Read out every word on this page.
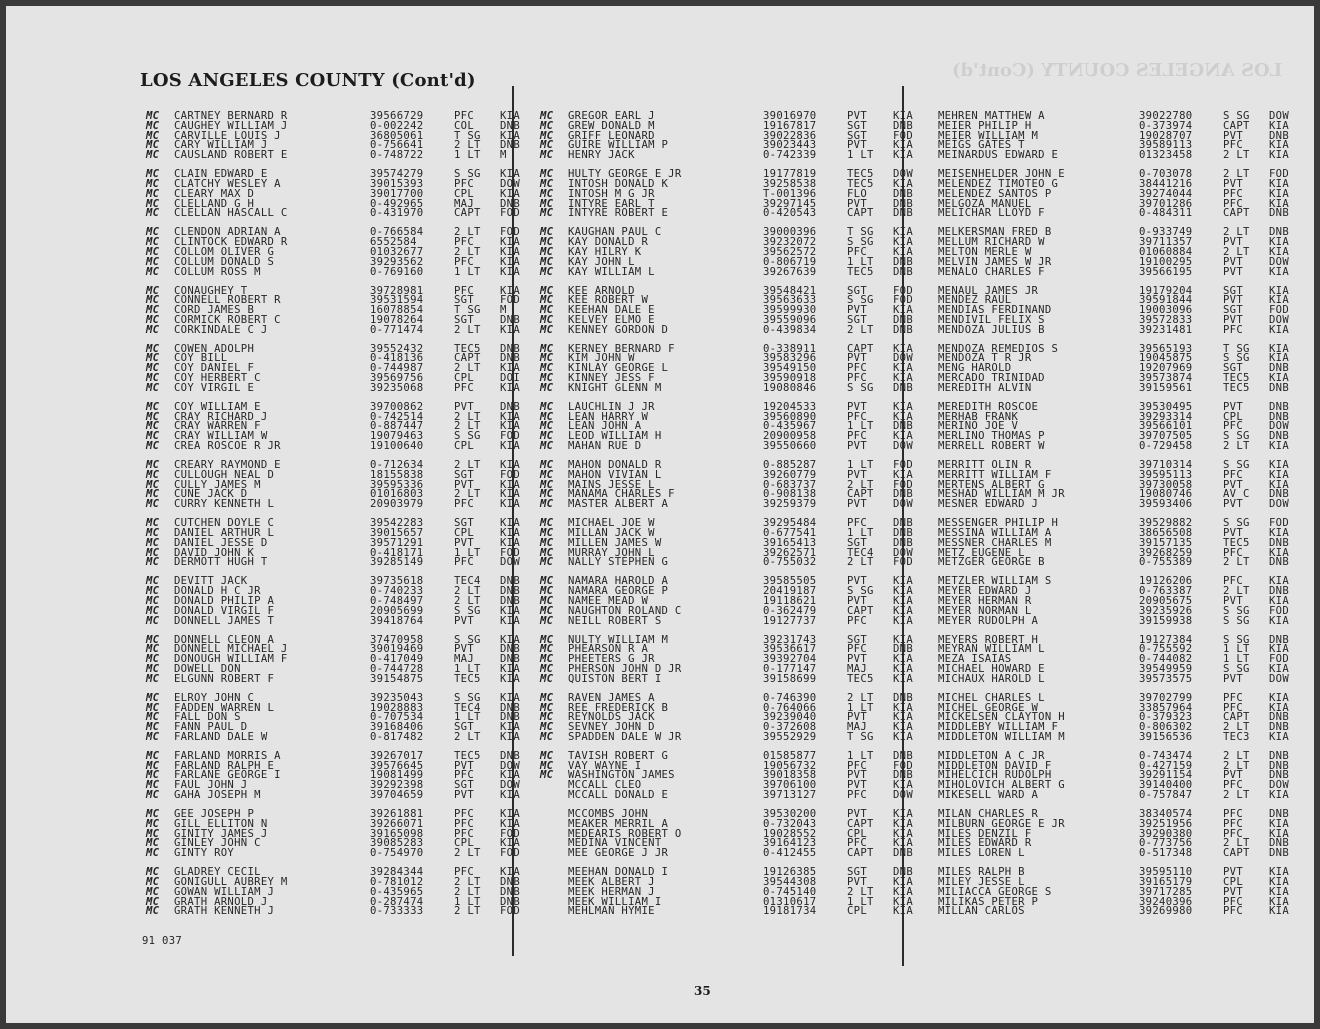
LOS ANGELES COUNTY (Cont'd)
LOS ANGELES COUNTY (Cont'd)
MC	CARTNEY BERNARD R	39566729	PFC	KIA
MC	CAUGHEY WILLIAM J	0-002242	COL	DNB
MC	CARVILLE LOUIS J	36805061	T SG	KIA
MC	CARY WILLIAM J	0-756641	2 LT	DNB
MC	CAUSLAND ROBERT E	0-748722	1 LT	M
MC	CLAIN EDWARD E	39574279	S SG	KIA
MC	CLATCHY WESLEY A	39015393	PFC	DOW
MC	CLEARY MAX D	39017700	CPL	KIA
MC	CLELLAND G H	0-492965	MAJ	DNB
MC	CLELLAN HASCALL C	0-431970	CAPT	FOD
MC	CLENDON ADRIAN A	0-766584	2 LT	FOD
MC	CLINTOCK EDWARD R	6552584	PFC	KIA
MC	COLLOM OLIVER G	01032677	2 LT	KIA
MC	COLLUM DONALD S	39293562	PFC	KIA
MC	COLLUM ROSS M	0-769160	1 LT	KIA
MC	CONAUGHEY T	39728981	PFC	KIA
MC	CONNELL ROBERT R	39531594	SGT	FOD
MC	CORD JAMES B	16078854	T SG	M
MC	CORMICK ROBERT C	19078264	SGT	DNB
MC	CORKINDALE C J	0-771474	2 LT	KIA
MC	COWEN ADOLPH	39552432	TEC5	DNB
MC	COY BILL	0-418136	CAPT	DNB
MC	COY DANIEL F	0-744987	2 LT	KIA
MC	COY HERBERT C	39569756	CPL	DOI
MC	COY VIRGIL E	39235068	PFC	KIA
MC	COY WILLIAM E	39700862	PVT	DNB
MC	CRAY RICHARD J	0-742514	2 LT	KIA
MC	CRAY WARREN F	0-887447	2 LT	KIA
MC	CRAY WILLIAM W	19079463	S SG	FOD
MC	CREA ROSCOE R JR	19100640	CPL	KIA
MC	CREARY RAYMOND E	0-712634	2 LT	KIA
MC	CULLOUGH NEAL D	18155838	SGT	FOD
MC	CULLY JAMES M	39595336	PVT	KIA
MC	CUNE JACK D	01016803	2 LT	KIA
MC	CURRY KENNETH L	20903979	PFC	KIA
MC	CUTCHEN DOYLE C	39542283	SGT	KIA
MC	DANIEL ARTHUR L	39015657	CPL	KIA
MC	DANIEL JESSE D	39571291	PVT	KIA
MC	DAVID JOHN K	0-418171	1 LT	FOD
MC	DERMOTT HUGH T	39285149	PFC	DOW
MC	DEVITT JACK	39735618	TEC4	DNB
MC	DONALD H C JR	0-740233	2 LT	DNB
MC	DONALD PHILIP A	0-748497	2 LT	DNB
MC	DONALD VIRGIL F	20905699	S SG	KIA
MC	DONNELL JAMES T	39418764	PVT	KIA
MC	DONNELL CLEON A	37470958	S SG	KIA
MC	DONNELL MICHAEL J	39019469	PVT	DNB
MC	DONOUGH WILLIAM F	0-417049	MAJ	DNB
MC	DOWELL DON	0-744728	1 LT	KIA
MC	ELGUNN ROBERT F	39154875	TEC5	KIA
MC	ELROY JOHN C	39235043	S SG	KIA
MC	FADDEN WARREN L	19028883	TEC4	DNB
MC	FALL DON S	0-707534	1 LT	DNB
MC	FANN PAUL D	39168406	SGT	KIA
MC	FARLAND DALE W	0-817482	2 LT	KIA
MC	FARLAND MORRIS A	39267017	TEC5	DNB
MC	FARLAND RALPH E	39576645	PVT	DOW
MC	FARLANE GEORGE I	19081499	PFC	KIA
MC	FAUL JOHN J	39292398	SGT	DOW
MC	GAHA JOSEPH M	39704659	PVT	KIA
MC	GEE JOSEPH P	39261881	PFC	KIA
MC	GILL ELLITON N	39266071	PFC	KIA
MC	GINITY JAMES J	39165098	PFC	FOD
MC	GINLEY JOHN C	39085283	CPL	KIA
MC	GINTY ROY	0-754970	2 LT	FOD
MC	GLADREY CECIL	39284344	PFC	KIA
MC	GONIGULL AUBREY M	0-781012	2 LT	DNB
MC	GOWAN WILLIAM J	0-435965	2 LT	DNB
MC	GRATH ARNOLD J	0-287474	1 LT	DNB
MC	GRATH KENNETH J	0-733333	2 LT	FOD
MC	GREGOR EARL J	39016970	PVT	KIA
MC	GREW DONALD M	19167817	SGT	DNB
MC	GRIFF LEONARD	39022836	SGT	FOD
MC	GUIRE WILLIAM P	39023443	PVT	KIA
MC	HENRY JACK	0-742339	1 LT	KIA
MC	HULTY GEORGE E JR	19177819	TEC5	DOW
MC	INTOSH DONALD K	39258538	TEC5	KIA
MC	INTOSH M G JR	T-001396	FLO	DNB
MC	INTYRE EARL T	39297145	PVT	DNB
MC	INTYRE ROBERT E	0-420543	CAPT	DNB
MC	KAUGHAN PAUL C	39000396	T SG	KIA
MC	KAY DONALD R	39232072	S SG	KIA
MC	KAY HILRY K	39562572	PFC	KIA
MC	KAY JOHN L	0-806719	1 LT	DNB
MC	KAY WILLIAM L	39267639	TEC5	DNB
MC	KEE ARNOLD	39548421	SGT	FOD
MC	KEE ROBERT W	39563633	S SG	FOD
MC	KEEHAN DALE E	39599930	PVT	KIA
MC	KELVEY ELMO E	39559096	SGT	DNB
MC	KENNEY GORDON D	0-439834	2 LT	DNB
MC	KERNEY BERNARD F	0-338911	CAPT	KIA
MC	KIM JOHN W	39583296	PVT	DOW
MC	KINLAY GEORGE L	39549150	PFC	KIA
MC	KINNEY JESS F	39590918	PFC	KIA
MC	KNIGHT GLENN M	19080846	S SG	DNB
MC	LAUCHLIN J JR	19204533	PVT	KIA
MC	LEAN HARRY W	39560890	PFC	KIA
MC	LEAN JOHN A	0-435967	1 LT	DNB
MC	LEOD WILLIAM H	20900958	PFC	KIA
MC	MAHAN RUE D	39550660	PVT	DOW
MC	MAHON DONALD R	0-885287	1 LT	FOD
MC	MAHON VIVIAN L	39260779	PVT	KIA
MC	MAINS JESSE L	0-683737	2 LT	FOD
MC	MANAMA CHARLES F	0-908138	CAPT	DNB
MC	MASTER ALBERT A	39259379	PVT	DOW
MC	MICHAEL JOE W	39295484	PFC	DNB
MC	MILLAN JACK W	0-677541	1 LT	DNB
MC	MILLEN JAMES W	39165413	SGT	DNB
MC	MURRAY JOHN L	39262571	TEC4	DOW
MC	NALLY STEPHEN G	0-755032	2 LT	FOD
MC	NAMARA HAROLD A	39585505	PVT	KIA
MC	NAMARA GEORGE P	20419187	S SG	KIA
MC	NAMEE MEAD W	19118621	PVT	KIA
MC	NAUGHTON ROLAND C	0-362479	CAPT	KIA
MC	NEILL ROBERT S	19127737	PFC	KIA
MC	NULTY WILLIAM M	39231743	SGT	KIA
MC	PHEARSON R A	39536617	PFC	DNB
MC	PHEETERS G JR	39392704	PVT	KIA
MC	PHERSON JOHN D JR	0-177147	MAJ	KIA
MC	QUISTON BERT I	39158699	TEC5	KIA
MC	RAVEN JAMES A	0-746390	2 LT	DNB
MC	REE FREDERICK B	0-764066	1 LT	KIA
MC	REYNOLDS JACK	39239040	PVT	KIA
MC	SEVNEY JOHN D	0-372608	MAJ	KIA
MC	SPADDEN DALE W JR	39552929	T SG	KIA
MC	TAVISH ROBERT G	01585877	1 LT	DNB
MC	VAY WAYNE I	19056732	PFC	FOD
MC	WASHINGTON JAMES	39018358	PVT	DNB
MCCALL CLEO	39706100	PVT	KIA
MCCALL DONALD E	39713127	PFC	DOW
MCCOMBS JOHN	39530200	PVT	KIA
MEAKER MERRIL A	0-732043	CAPT	KIA
MEDEARIS ROBERT O	19028552	CPL	KIA
MEDINA VINCENT	39164123	PFC	KIA
MEE GEORGE J JR	0-412455	CAPT	DNB
MEEHAN DONALD I	19126385	SGT	DNB
MEEK ALBERT J	39544308	PVT	KIA
MEEK HERMAN J	0-745140	2 LT	KIA
MEEK WILLIAM I	01310617	1 LT	KIA
MEHLMAN HYMIE	19181734	CPL	KIA
MEHREN MATTHEW A	39022780	S SG	DOW
MEIER PHILIP H	0-373974	CAPT	KIA
MEIER WILLIAM M	19028707	PVT	DNB
MEIGS GATES T	39589113	PFC	KIA
MEINARDUS EDWARD E	01323458	2 LT	KIA
MEISENHELDER JOHN E	0-703078	2 LT	FOD
MELENDEZ TIMOTEO G	38441216	PVT	KIA
MELENDEZ SANTOS P	39274044	PFC	KIA
MELGOZA MANUEL	39701286	PFC	KIA
MELICHAR LLOYD F	0-484311	CAPT	DNB
MELKERSMAN FRED B	0-933749	2 LT	DNB
MELLUM RICHARD W	39711357	PVT	KIA
MELTON MERLE W	01060884	2 LT	KIA
MELVIN JAMES W JR	19100295	PVT	DOW
MENALO CHARLES F	39566195	PVT	KIA
MENAUL JAMES JR	19179204	SGT	KIA
MENDEZ RAUL	39591844	PVT	KIA
MENDIAS FERDINAND	19003096	SGT	FOD
MENDIVIL FELIX S	39572833	PVT	DOW
MENDOZA JULIUS B	39231481	PFC	KIA
MENDOZA REMEDIOS S	39565193	T SG	KIA
MENDOZA T R JR	19045875	S SG	KIA
MENG HAROLD	19207969	SGT	DNB
MERCADO TRINIDAD	39573874	TEC5	KIA
MEREDITH ALVIN	39159561	TEC5	DNB
MEREDITH ROSCOE	39530495	PVT	DNB
MERHAB FRANK	39293314	CPL	DNB
MERINO JOE V	39566101	PFC	DOW
MERLINO THOMAS P	39707505	S SG	DNB
MERRELL ROBERT W	0-729458	2 LT	KIA
MERRITT OLIN R	39710314	S SG	KIA
MERRITT WILLIAM F	39595113	PFC	KIA
MERTENS ALBERT G	39730058	PVT	KIA
MESHAD WILLIAM M JR	19080746	AV C	DNB
MESNER EDWARD J	39593406	PVT	DOW
MESSENGER PHILIP H	39529882	S SG	FOD
MESSINA WILLIAM A	38656508	PVT	KIA
MESSNER CHARLES M	39157135	TEC5	DNB
METZ EUGENE L	39268259	PFC	KIA
METZGER GEORGE B	0-755389	2 LT	DNB
METZLER WILLIAM S	19126206	PFC	KIA
MEYER EDWARD J	0-763387	2 LT	DNB
MEYER HERMAN R	20905675	PVT	KIA
MEYER NORMAN L	39235926	S SG	FOD
MEYER RUDOLPH A	39159938	S SG	KIA
MEYERS ROBERT H	19127384	S SG	DNB
MEYRAN WILLIAM L	0-755592	1 LT	KIA
MEZA ISAIAS	0-744082	1 LT	FOD
MICHAEL HOWARD E	39549959	S SG	KIA
MICHAUX HAROLD L	39573575	PVT	DOW
MICHEL CHARLES L	39702799	PFC	KIA
MICHEL GEORGE W	33857964	PFC	KIA
MICKELSEN CLAYTON H	0-379323	CAPT	DNB
MIDDLEBY WILLIAM F	0-806302	2 LT	DNB
MIDDLETON WILLIAM M	39156536	TEC3	KIA
MIDDLETON A C JR	0-743474	2 LT	DNB
MIDDLETON DAVID F	0-427159	2 LT	DNB
MIHELCICH RUDOLPH	39291154	PVT	DNB
MIHOLOVICH ALBERT G	39140400	PFC	DOW
MIKESELL WARD A	0-757847	2 LT	KIA
MILAN CHARLES R	38340574	PFC	DNB
MILBURN GEORGE E JR	39251956	PFC	KIA
MILES DENZIL F	39290380	PFC	KIA
MILES EDWARD R	0-773756	2 LT	DNB
MILES LOREN L	0-517348	CAPT	DNB
MILES RALPH B	39595110	PVT	KIA
MILEY JESSE L	39165179	CPL	KIA
MILIACCA GEORGE S	39717285	PVT	KIA
MILIKAS PETER P	39240396	PFC	KIA
MILLAN CARLOS	39269980	PFC	KIA
91 037
35
